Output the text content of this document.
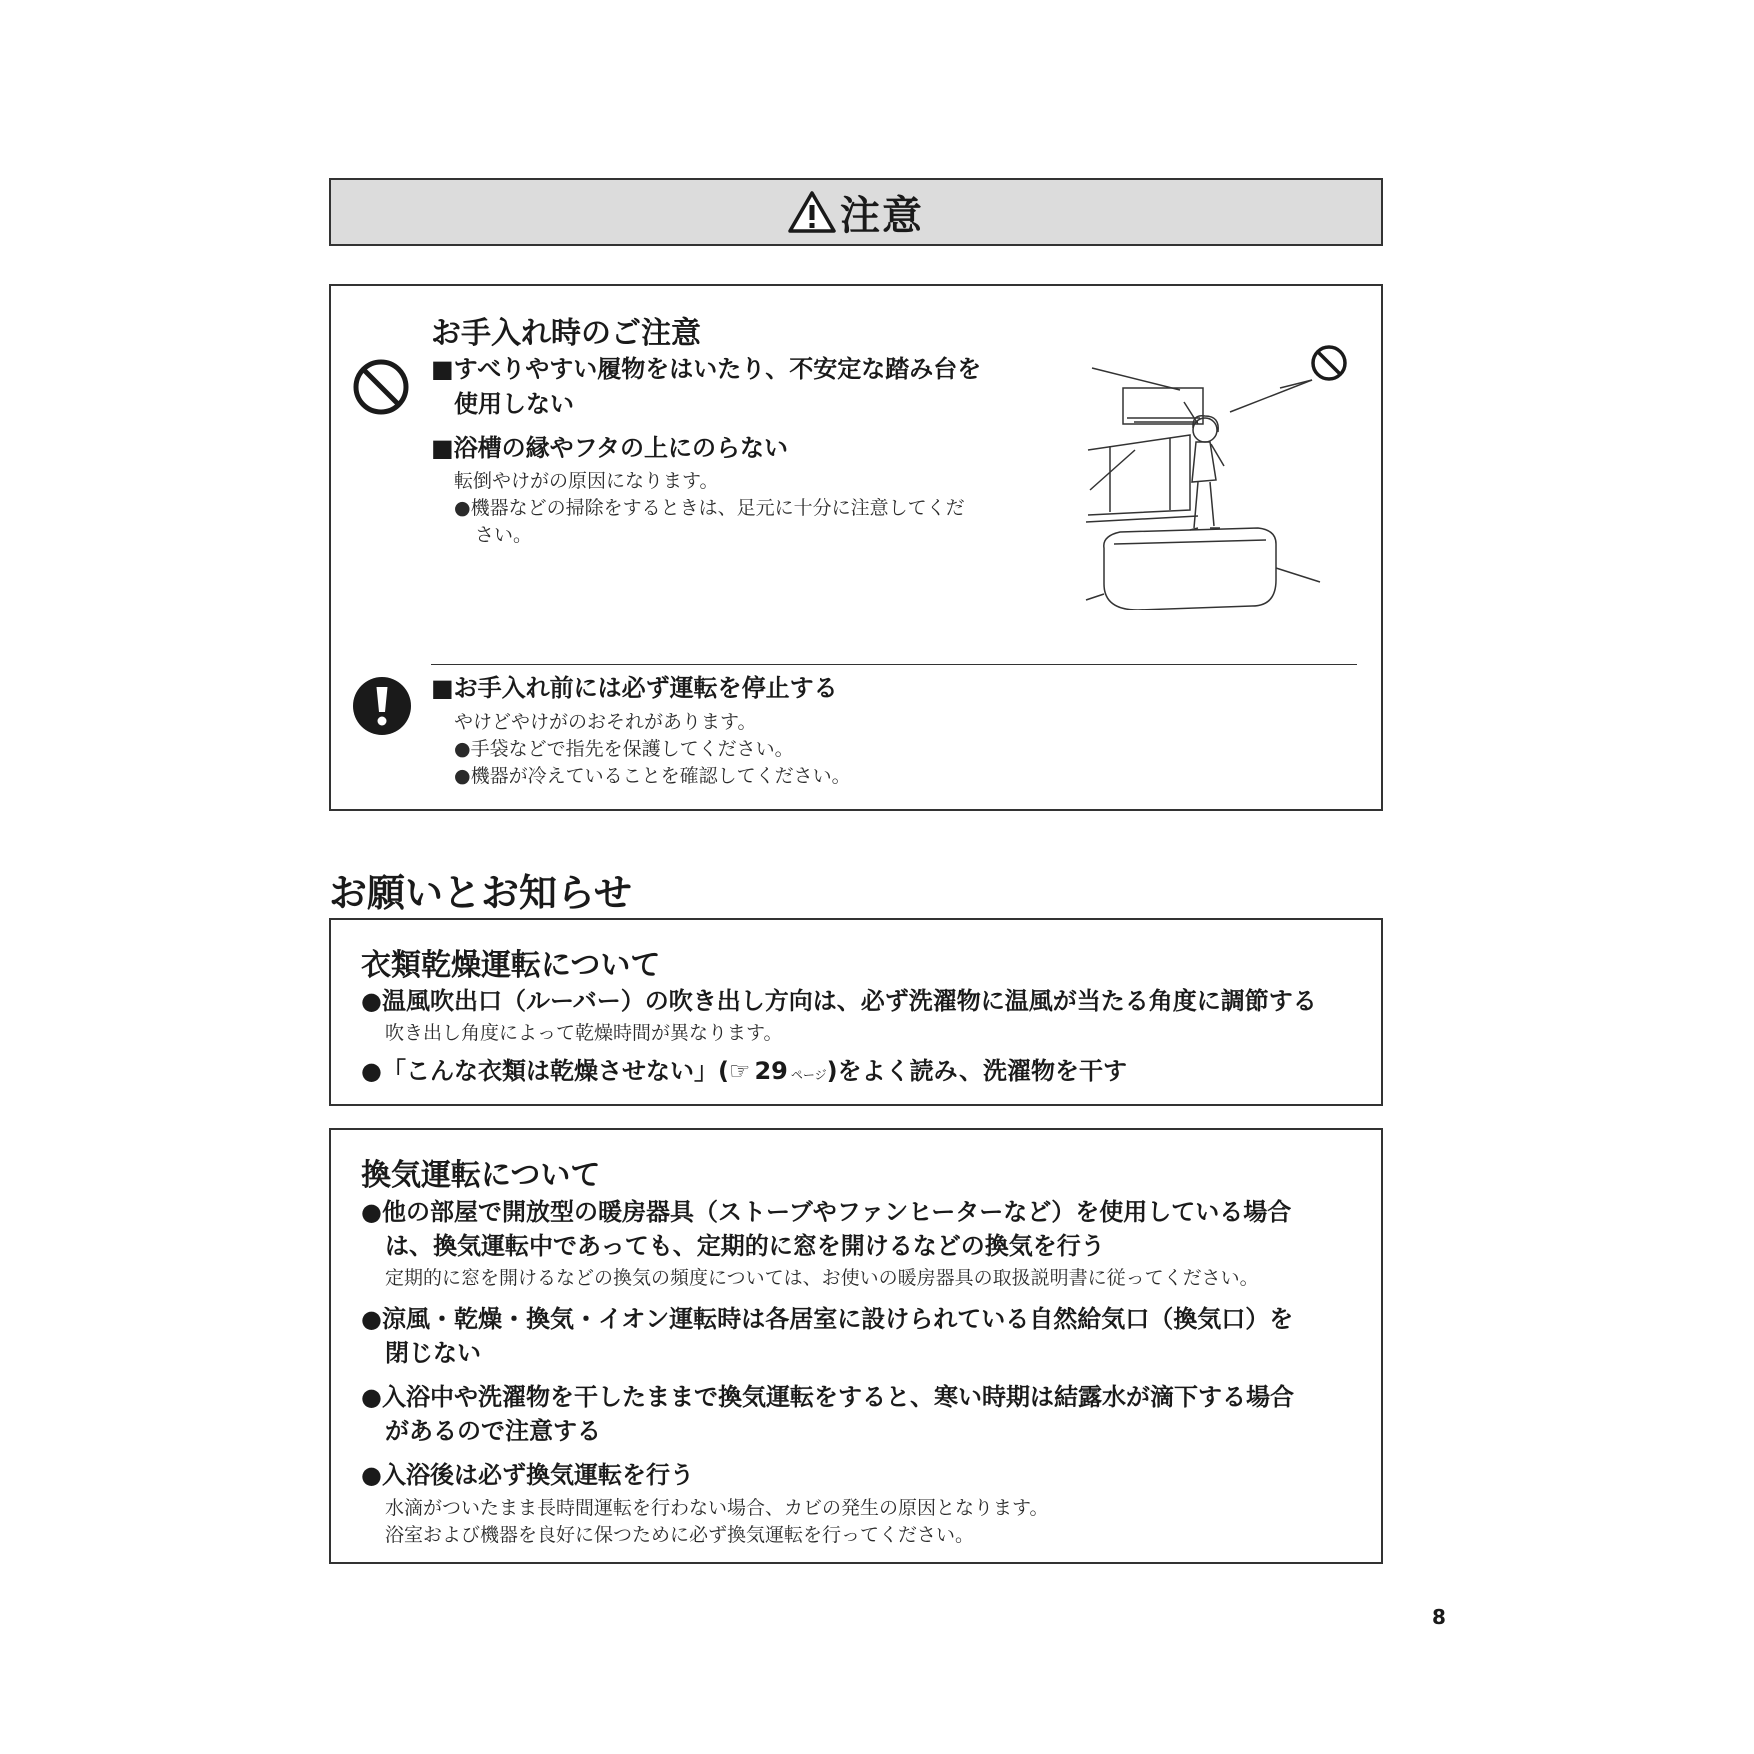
注意
お手入れ時のご注意
■すべりやすい履物をはいたり、不安定な踏み台を
使用しない
■浴槽の縁やフタの上にのらない
転倒やけがの原因になります。
●機器などの掃除をするときは、足元に十分に注意してくだ
さい。
■お手入れ前には必ず運転を停止する
やけどやけがのおそれがあります。
●手袋などで指先を保護してください。
●機器が冷えていることを確認してください。
お願いとお知らせ
衣類乾燥運転について
●温風吹出口（ルーバー）の吹き出し方向は、必ず洗濯物に温風が当たる角度に調節する
吹き出し角度によって乾燥時間が異なります。
●「こんな衣類は乾燥させない」(☞ 29 ページ)をよく読み、洗濯物を干す
換気運転について
●他の部屋で開放型の暖房器具（ストーブやファンヒーターなど）を使用している場合
は、換気運転中であっても、定期的に窓を開けるなどの換気を行う
定期的に窓を開けるなどの換気の頻度については、お使いの暖房器具の取扱説明書に従ってください。
●涼風・乾燥・換気・イオン運転時は各居室に設けられている自然給気口（換気口）を
閉じない
●入浴中や洗濯物を干したままで換気運転をすると、寒い時期は結露水が滴下する場合
があるので注意する
●入浴後は必ず換気運転を行う
水滴がついたまま長時間運転を行わない場合、カビの発生の原因となります。
浴室および機器を良好に保つために必ず換気運転を行ってください。
8
